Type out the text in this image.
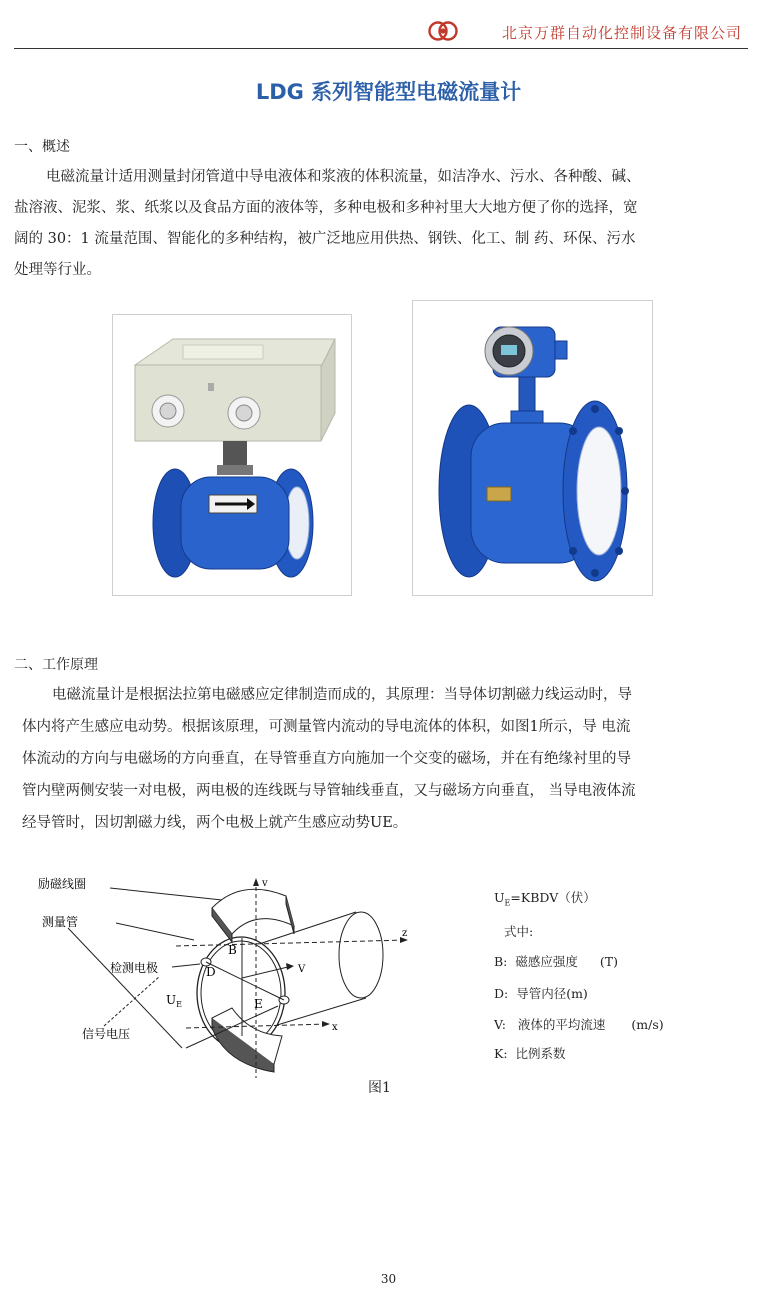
北京万群自动化控制设备有限公司
LDG 系列智能型电磁流量计
一、概述
电磁流量计适用测量封闭管道中导电液体和浆液的体积流量，如洁净水、污水、各种酸、碱、
盐溶液、泥浆、浆、纸浆以及食品方面的液体等，多种电极和多种衬里大大地方便了你的选择，宽
阔的 30：1 流量范围、智能化的多种结构，被广泛地应用供热、钢铁、化工、制 药、环保、污水
处理等行业。
二、工作原理
电磁流量计是根据法拉第电磁感应定律制造而成的，其原理：当导体切割磁力线运动时，导
体内将产生感应电动势。根据该原理，可测量管内流动的导电流体的体积，如图1所示，导 电流
体流动的方向与电磁场的方向垂直，在导管垂直方向施加一个交变的磁场，并在有绝缘衬里的导
管内壁两侧安装一对电极，两电极的连线既与导管轴线垂直，又与磁场方向垂直， 当导电液体流
经导管时，因切割磁力线，两个电极上就产生感应动势UE。
励磁线圈
测量管
检测电极
$U_E$
信号电压
B
D
E
v
V
z
x
图1
$U_E=KBDV$（伏）
式中:
B: 磁感应强度 (T)
D: 导管内径(m)
V: 液体的平均流速 (m/s)
K: 比例系数
30
